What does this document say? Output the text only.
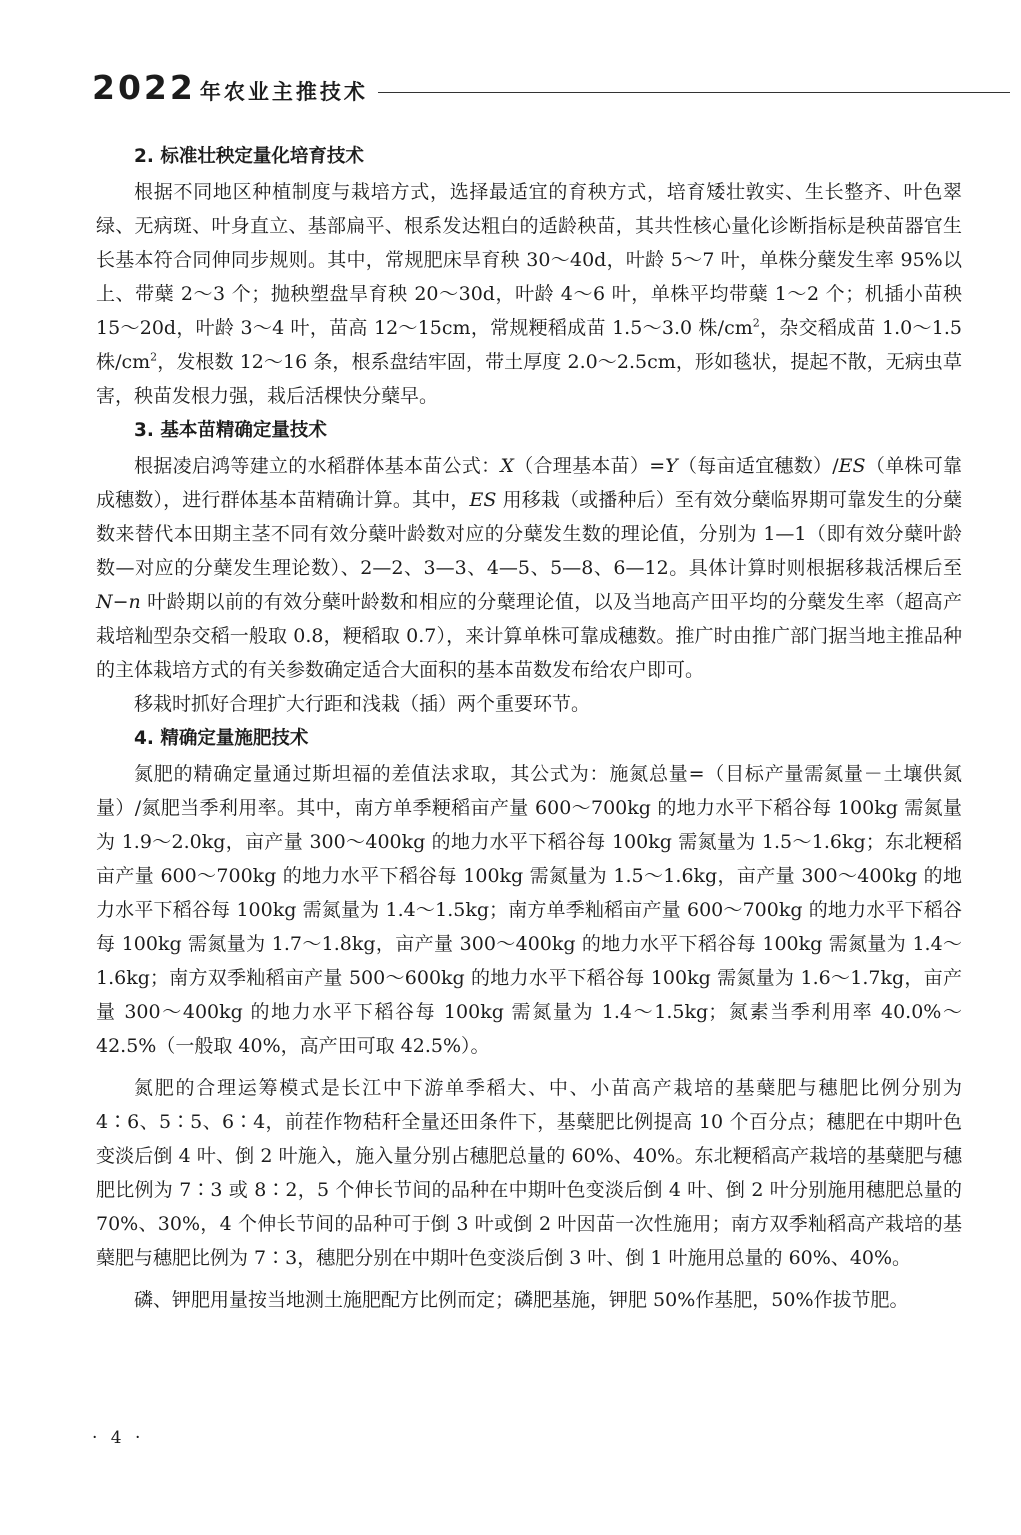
2022 年农业主推技术
2. 标准壮秧定量化培育技术

根据不同地区种植制度与栽培方式，选择最适宜的育秧方式，培育矮壮敦实、生长整齐、叶色翠绿、无病斑、叶身直立、基部扁平、根系发达粗白的适龄秧苗，其共性核心量化诊断指标是秧苗器官生长基本符合同伸同步规则。其中，常规肥床旱育秧 30～40d，叶龄 5～7 叶，单株分蘖发生率 95%以上、带蘖 2～3 个；抛秧塑盘旱育秧 20～30d，叶龄 4～6 叶，单株平均带蘖 1～2 个；机插小苗秧 15～20d，叶龄 3～4 叶，苗高 12～15cm，常规粳稻成苗 1.5～3.0 株$/cm^2$，杂交稻成苗 1.0～1.5 株$/cm^2$，发根数 12～16 条，根系盘结牢固，带土厚度 2.0～2.5cm，形如毯状，提起不散，无病虫草害，秧苗发根力强，栽后活棵快分蘖早。

3. 基本苗精确定量技术

根据凌启鸿等建立的水稻群体基本苗公式：X（合理基本苗）=Y（每亩适宜穗数）/ES（单株可靠成穗数），进行群体基本苗精确计算。其中，ES 用移栽（或播种后）至有效分蘖临界期可靠发生的分蘖数来替代本田期主茎不同有效分蘖叶龄数对应的分蘖发生数的理论值，分别为 1—1（即有效分蘖叶龄数—对应的分蘖发生理论数）、2—2、3—3、4—5、5—8、6—12。具体计算时则根据移栽活棵后至 N−n 叶龄期以前的有效分蘖叶龄数和相应的分蘖理论值，以及当地高产田平均的分蘖发生率（超高产栽培籼型杂交稻一般取 0.8，粳稻取 0.7），来计算单株可靠成穗数。推广时由推广部门据当地主推品种的主体栽培方式的有关参数确定适合大面积的基本苗数发布给农户即可。

移栽时抓好合理扩大行距和浅栽（插）两个重要环节。

4. 精确定量施肥技术

氮肥的精确定量通过斯坦福的差值法求取，其公式为：施氮总量=（目标产量需氮量－土壤供氮量）/氮肥当季利用率。其中，南方单季粳稻亩产量 600～700kg 的地力水平下稻谷每 100kg 需氮量为 1.9～2.0kg，亩产量 300～400kg 的地力水平下稻谷每 100kg 需氮量为 1.5～1.6kg；东北粳稻亩产量 600～700kg 的地力水平下稻谷每 100kg 需氮量为 1.5～1.6kg，亩产量 300～400kg 的地力水平下稻谷每 100kg 需氮量为 1.4～1.5kg；南方单季籼稻亩产量 600～700kg 的地力水平下稻谷每 100kg 需氮量为 1.7～1.8kg，亩产量 300～400kg 的地力水平下稻谷每 100kg 需氮量为 1.4～1.6kg；南方双季籼稻亩产量 500～600kg 的地力水平下稻谷每 100kg 需氮量为 1.6～1.7kg，亩产量 300～400kg 的地力水平下稻谷每 100kg 需氮量为 1.4～1.5kg；氮素当季利用率 40.0%～42.5%（一般取 40%，高产田可取 42.5%）。

氮肥的合理运筹模式是长江中下游单季稻大、中、小苗高产栽培的基蘖肥与穗肥比例分别为 4∶6、5∶5、6∶4，前茬作物秸秆全量还田条件下，基蘖肥比例提高 10 个百分点；穗肥在中期叶色变淡后倒 4 叶、倒 2 叶施入，施入量分别占穗肥总量的 60%、40%。东北粳稻高产栽培的基蘖肥与穗肥比例为 7∶3 或 8∶2，5 个伸长节间的品种在中期叶色变淡后倒 4 叶、倒 2 叶分别施用穗肥总量的 70%、30%，4 个伸长节间的品种可于倒 3 叶或倒 2 叶因苗一次性施用；南方双季籼稻高产栽培的基蘖肥与穗肥比例为 7∶3，穗肥分别在中期叶色变淡后倒 3 叶、倒 1 叶施用总量的 60%、40%。

磷、钾肥用量按当地测土施肥配方比例而定；磷肥基施，钾肥 50%作基肥，50%作拔节肥。

· 4 ·
